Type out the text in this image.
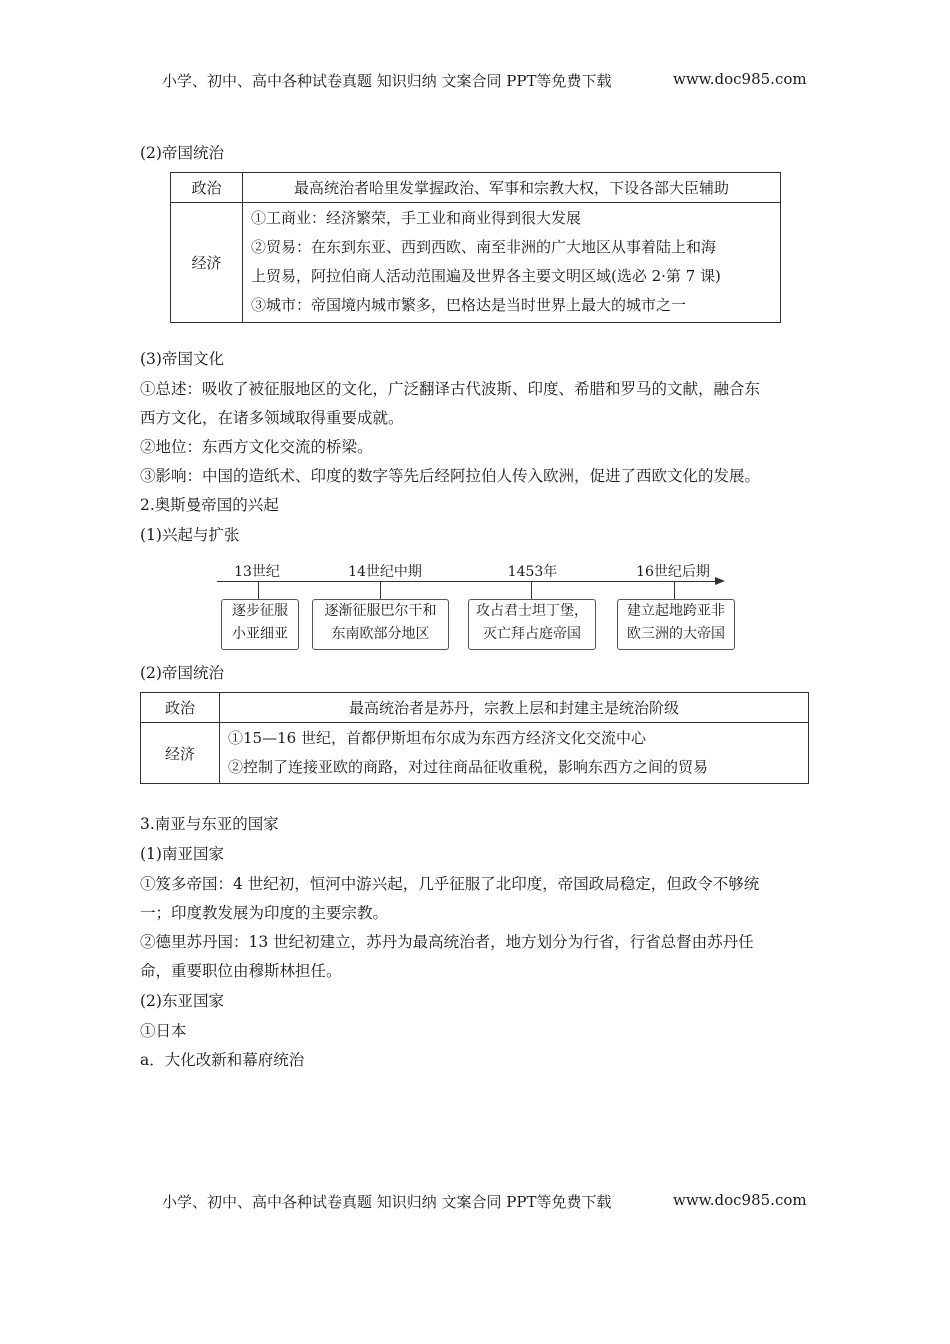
小学、初中、高中各种试卷真题 知识归纳 文案合同 PPT等免费下载	www.doc985.com
(2)帝国统治
政治	最高统治者哈里发掌握政治、军事和宗教大权，下设各部大臣辅助
经济	①工商业：经济繁荣，手工业和商业得到很大发展
②贸易：在东到东亚、西到西欧、南至非洲的广大地区从事着陆上和海
上贸易，阿拉伯商人活动范围遍及世界各主要文明区域(选必 2·第 7 课)
③城市：帝国境内城市繁多，巴格达是当时世界上最大的城市之一
(3)帝国文化
①总述：吸收了被征服地区的文化，广泛翻译古代波斯、印度、希腊和罗马的文献，融合东
西方文化，在诸多领域取得重要成就。
②地位：东西方文化交流的桥梁。
③影响：中国的造纸术、印度的数字等先后经阿拉伯人传入欧洲，促进了西欧文化的发展。
2.奥斯曼帝国的兴起
(1)兴起与扩张
13世纪	14世纪中期	1453年	16世纪后期
逐步征服
小亚细亚
逐渐征服巴尔干和
东南欧部分地区
攻占君士坦丁堡，
灭亡拜占庭帝国
建立起地跨亚非
欧三洲的大帝国
(2)帝国统治
政治	最高统治者是苏丹，宗教上层和封建主是统治阶级
经济	①15—16 世纪，首都伊斯坦布尔成为东西方经济文化交流中心
②控制了连接亚欧的商路，对过往商品征收重税，影响东西方之间的贸易
3.南亚与东亚的国家
(1)南亚国家
①笈多帝国：4 世纪初，恒河中游兴起，几乎征服了北印度，帝国政局稳定，但政令不够统
一；印度教发展为印度的主要宗教。
②德里苏丹国：13 世纪初建立，苏丹为最高统治者，地方划分为行省，行省总督由苏丹任
命，重要职位由穆斯林担任。
(2)东亚国家
①日本
a．大化改新和幕府统治
小学、初中、高中各种试卷真题 知识归纳 文案合同 PPT等免费下载	www.doc985.com
